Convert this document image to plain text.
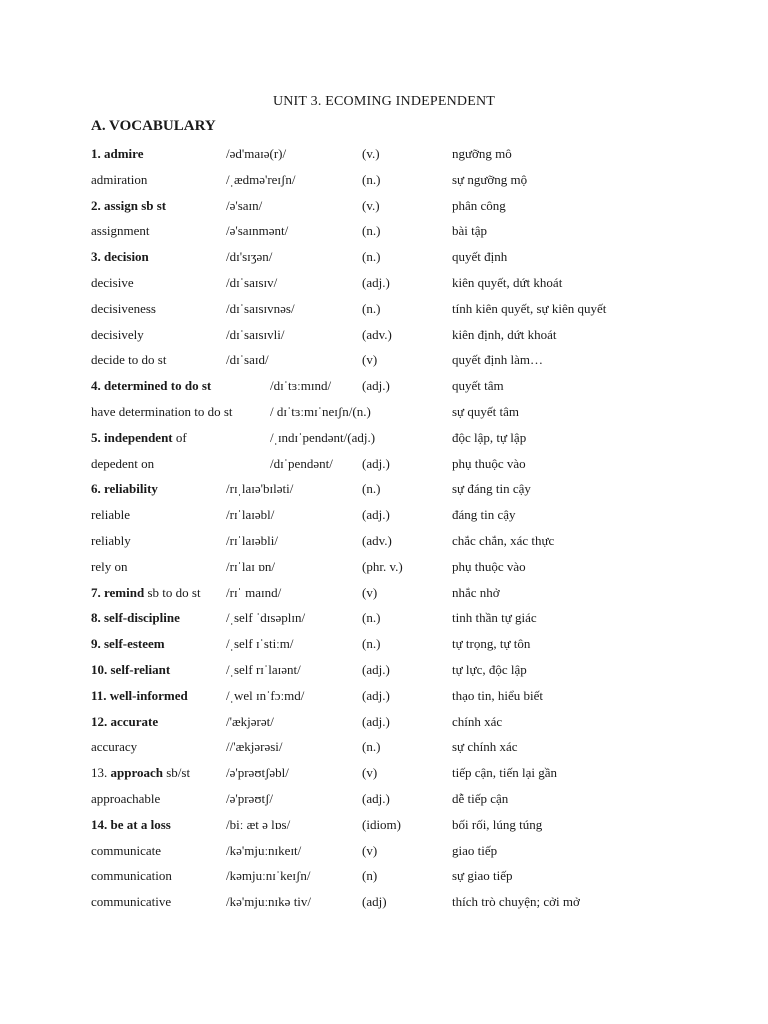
UNIT 3. ECOMING INDEPENDENT
A. VOCABULARY
1. admire	/əd'maɪə(r)/	(v.)	ngưỡng mô
admiration	/ˌædmə'reɪʃn/	(n.)	sự ngưỡng mộ
2. assign sb st	/ə'saɪn/	(v.)	phân công
assignment	/ə'saɪnmənt/	(n.)	bài tập
3. decision	/dɪ'sɪʒən/	(n.)	quyết định
decisive	/dɪˈsaɪsɪv/	(adj.)	kiên quyết, dứt khoát
decisiveness	/dɪˈsaɪsɪvnəs/	(n.)	tính kiên quyết, sự kiên quyết
decisively	/dɪˈsaɪsɪvli/	(adv.)	kiên định, dứt khoát
decide to do st	/dɪˈsaɪd/	(v)	quyết định làm…
4. determined to do st	/dɪˈtɜːmɪnd/ (adj.)	quyết tâm
have determination to do st	/ dɪˈtɜːmɪˈneɪʃn/(n.)	sự quyết tâm
5. independent of	/ˌɪndɪˈpendənt/(adj.)	độc lập, tự lập
depedent on	/dɪˈpendənt/ (adj.)	phụ thuộc vào
6. reliability	/rɪˌlaɪə'bɪləti/	(n.)	sự đáng tin cậy
reliable	/rɪˈlaɪəbl/	(adj.)	đáng tin cậy
reliably	/rɪˈlaɪəbli/	(adv.)	chắc chắn, xác thực
rely on	/rɪˈlaɪ ɒn/	(phr. v.)	phụ thuộc vào
7. remind sb to do st /rɪˈ maɪnd/	(v)	nhắc nhở
8. self-discipline	/ˌself ˈdɪsəplɪn/	(n.)	tinh thần tự giác
9. self-esteem	/ˌself ɪˈstiːm/	(n.)	tự trọng, tự tôn
10. self-reliant	/ˌself rɪˈlaɪənt/	(adj.)	tự lực, độc lập
11. well-informed	/ˌwel ɪnˈfɔːmd/	(adj.)	thạo tin, hiểu biết
12. accurate	/'ækjərət/	(adj.)	chính xác
accuracy	//'ækjərəsi/	(n.)	sự chính xác
13. approach sb/st	/ə'prəʊtʃəbl/	(v)	tiếp cận, tiến lại gần
approachable	/ə'prəʊtʃ/	(adj.)	dễ tiếp cận
14. be at a loss	/biː æt ə lɒs/	(idiom)	bối rối, lúng túng
communicate	/kə'mjuːnɪkeɪt/	(v)	giao tiếp
communication	/kəmjuːnɪˈkeɪʃn/	(n)	sự giao tiếp
communicative	/kə'mjuːnɪkə tiv/	(adj)	thích trò chuyện; cởi mở
